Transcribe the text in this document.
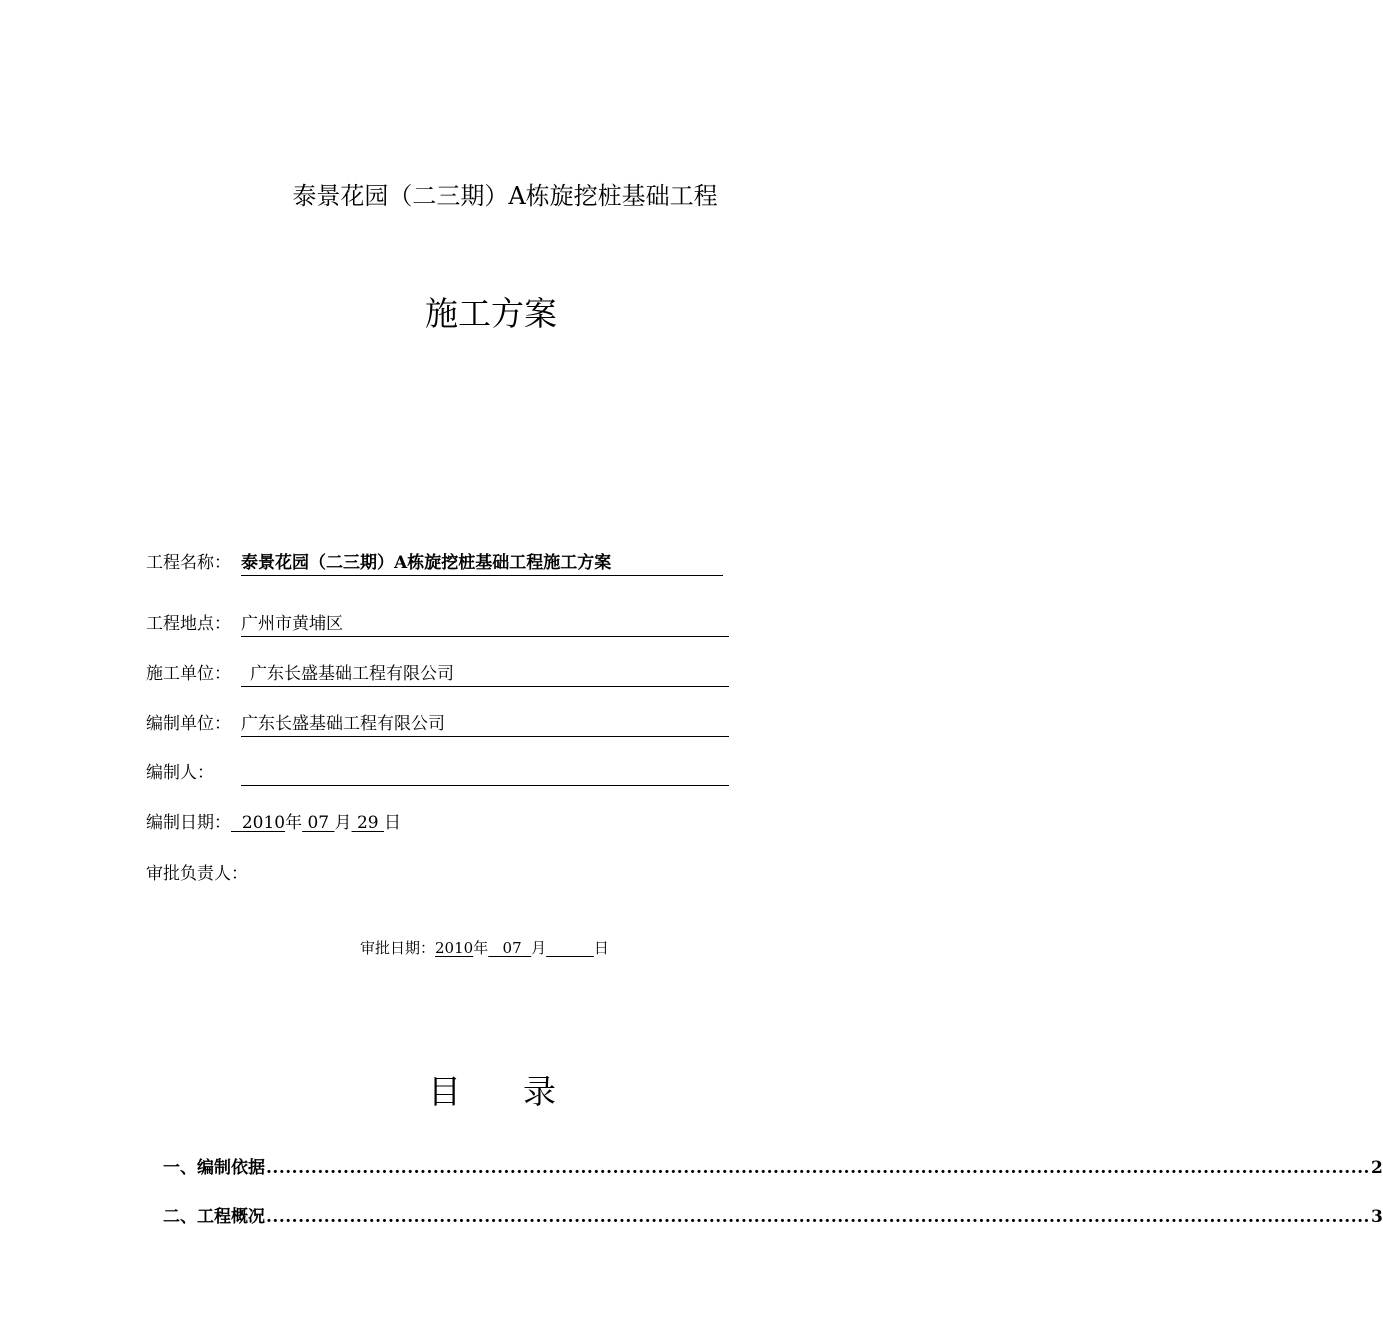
泰景花园（二三期）A栋旋挖桩基础工程
施工方案
工程名称： 泰景花园（二三期）A栋旋挖桩基础工程施工方案
工程地点： 广州市黄埔区
施工单位： 广东长盛基础工程有限公司
编制单位： 广东长盛基础工程有限公司
编制人：
编制日期： 2010年 07 月 29 日
审批负责人：
审批日期：2010年 07 月	日
目    录
一、编制依据 ............................................................................................................................................................................ 2
二、工程概况 ............................................................................................................................................................................ 3
